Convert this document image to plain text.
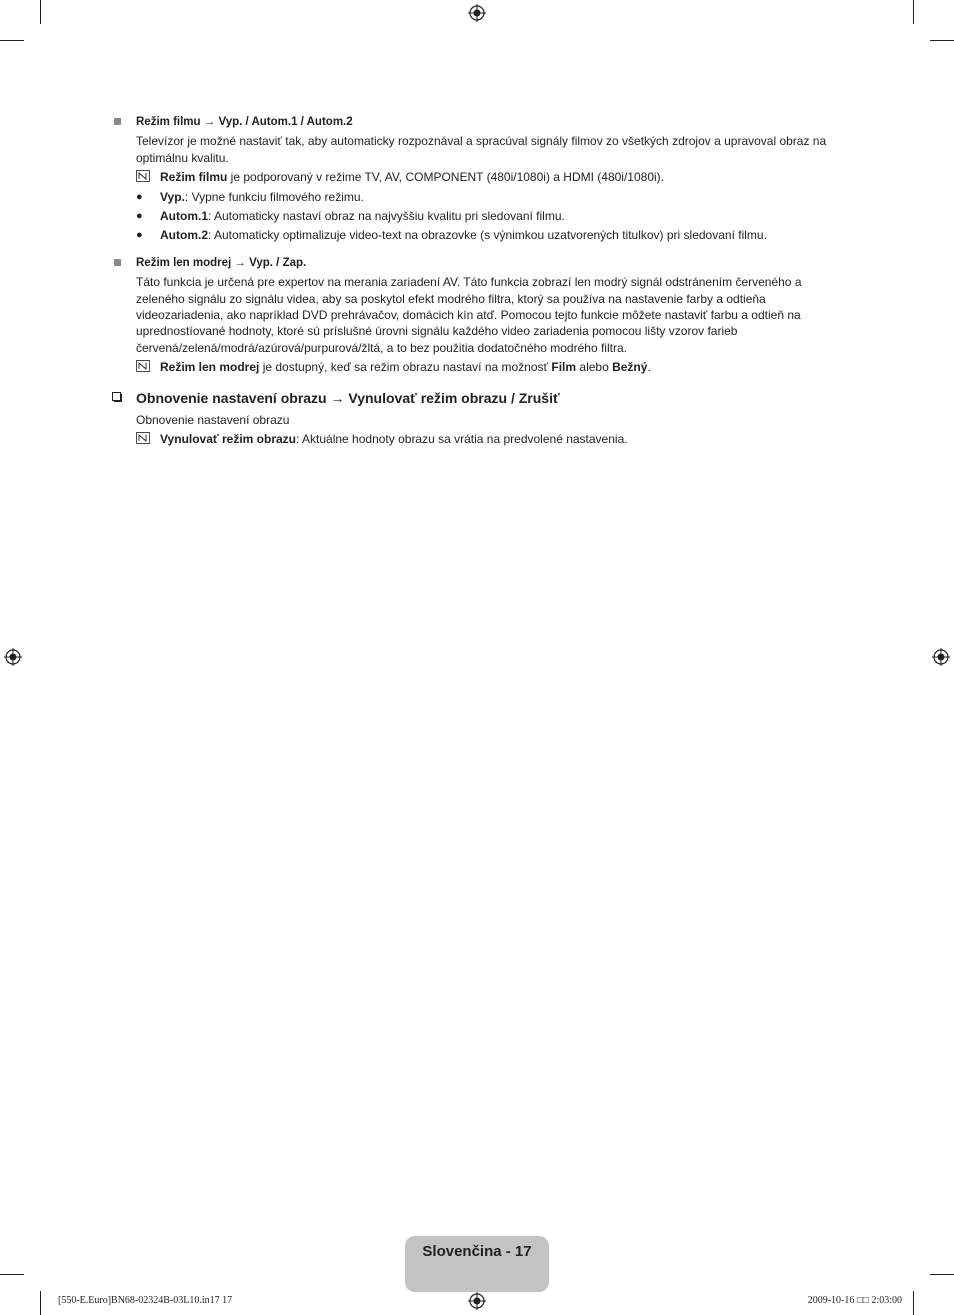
Režim filmu → Vyp. / Autom.1 / Autom.2

Televízor je možné nastaviť tak, aby automaticky rozpoznával a spracúval signály filmov zo všetkých zdrojov a upravoval obraz na optimálnu kvalitu.

Režim filmu je podporovaný v režime TV, AV, COMPONENT (480i/1080i) a HDMI (480i/1080i).
● Vyp.: Vypne funkciu filmového režimu.
● Autom.1: Automaticky nastaví obraz na najvyššiu kvalitu pri sledovaní filmu.
● Autom.2: Automaticky optimalizuje video-text na obrazovke (s výnimkou uzatvorených titulkov) pri sledovaní filmu.
Režim len modrej → Vyp. / Zap.

Táto funkcia je určená pre expertov na merania zariadení AV. Táto funkcia zobrazí len modrý signál odstránením červeného a zeleného signálu zo signálu videa, aby sa poskytol efekt modrého filtra, ktorý sa používa na nastavenie farby a odtieňa videozariadenia, ako napríklad DVD prehrávačov, domácich kín atď. Pomocou tejto funkcie môžete nastaviť farbu a odtieň na uprednostíované hodnoty, ktoré sú príslušné úrovni signálu každého video zariadenia pomocou lišty vzorov farieb červená/zelená/modrá/azúrová/purpurová/žltá, a to bez použitia dodatočného modrého filtra.

Režim len modrej je dostupný, keď sa režim obrazu nastaví na možnosť Film alebo Bežný.
Obnovenie nastavení obrazu → Vynulovať režim obrazu / Zrušiť

Obnovenie nastavení obrazu

Vynulovať režim obrazu: Aktuálne hodnoty obrazu sa vrátia na predvolené nastavenia.
Slovenčina - 17
[550-E.Euro]BN68-02324B-03L10.in17 17	2009-10-16 □□ 2:03:00
